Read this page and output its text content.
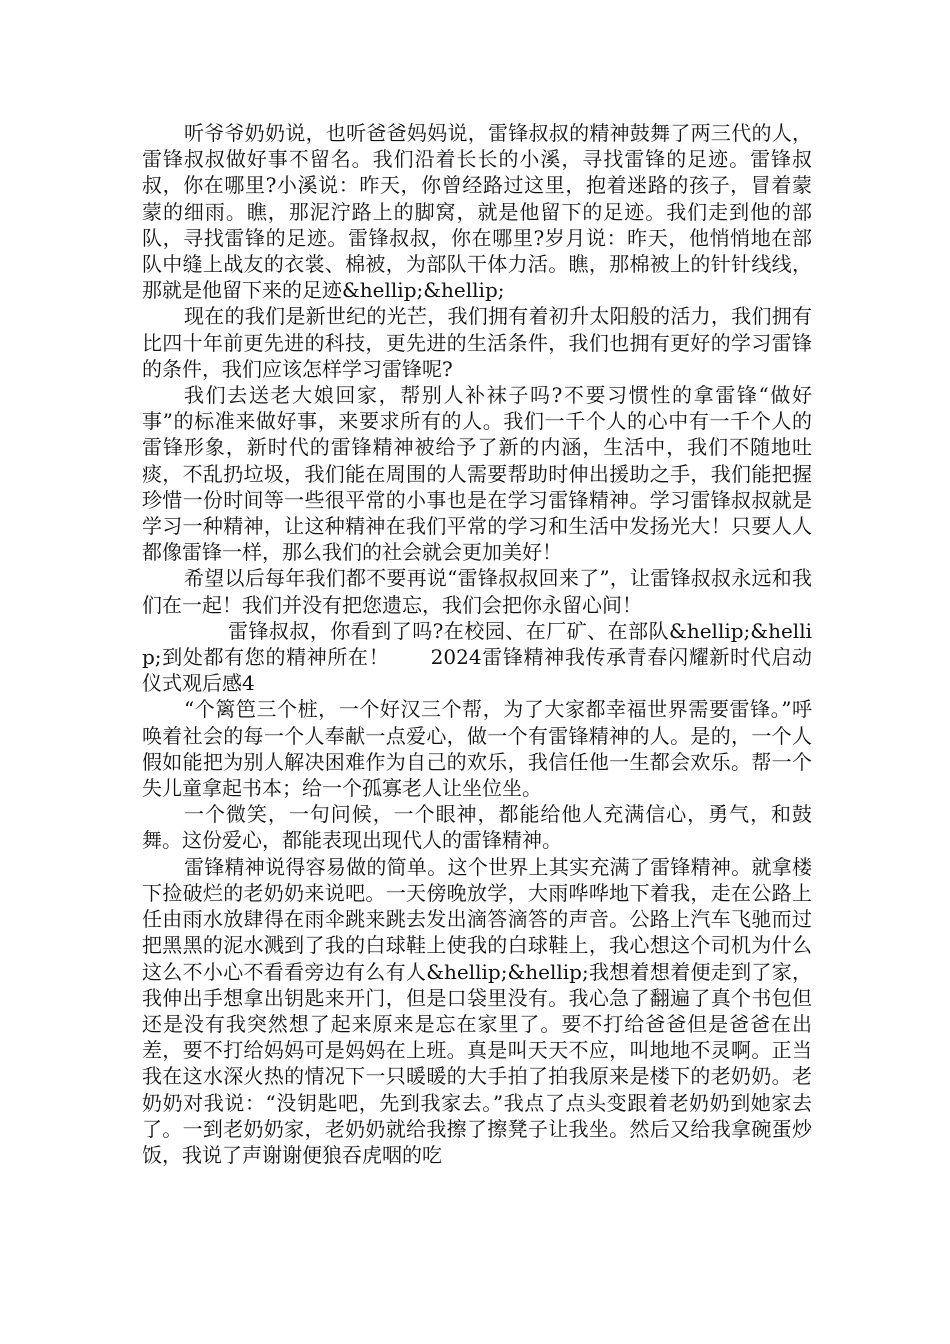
听爷爷奶奶说，也听爸爸妈妈说，雷锋叔叔的精神鼓舞了两三代的人，雷锋叔叔做好事不留名。我们沿着长长的小溪，寻找雷锋的足迹。雷锋叔叔，你在哪里?小溪说：昨天，你曾经路过这里，抱着迷路的孩子，冒着蒙蒙的细雨。瞧，那泥泞路上的脚窝，就是他留下的足迹。我们走到他的部队，寻找雷锋的足迹。雷锋叔叔，你在哪里?岁月说：昨天，他悄悄地在部队中缝上战友的衣裳、棉被，为部队干体力活。瞧，那棉被上的针针线线，那就是他留下来的足迹&hellip;&hellip;

现在的我们是新世纪的光芒，我们拥有着初升太阳般的活力，我们拥有比四十年前更先进的科技，更先进的生活条件，我们也拥有更好的学习雷锋的条件，我们应该怎样学习雷锋呢?

我们去送老大娘回家，帮别人补袜子吗?不要习惯性的拿雷锋“做好事”的标准来做好事，来要求所有的人。我们一千个人的心中有一千个人的雷锋形象，新时代的雷锋精神被给予了新的内涵，生活中，我们不随地吐痰，不乱扔垃圾，我们能在周围的人需要帮助时伸出援助之手，我们能把握珍惜一份时间等一些很平常的小事也是在学习雷锋精神。学习雷锋叔叔就是学习一种精神，让这种精神在我们平常的学习和生活中发扬光大！只要人人都像雷锋一样，那么我们的社会就会更加美好！

希望以后每年我们都不要再说“雷锋叔叔回来了”，让雷锋叔叔永远和我们在一起！我们并没有把您遗忘，我们会把你永留心间！

雷锋叔叔，你看到了吗?在校园、在厂矿、在部队&hellip;&hellip;到处都有您的精神所在！　　2024雷锋精神我传承青春闪耀新时代启动仪式观后感4

“个篱笆三个桩，一个好汉三个帮，为了大家都幸福世界需要雷锋。”呼唤着社会的每一个人奉献一点爱心，做一个有雷锋精神的人。是的，一个人假如能把为别人解决困难作为自己的欢乐，我信任他一生都会欢乐。帮一个失儿童拿起书本；给一个孤寡老人让坐位坐。

一个微笑，一句问候，一个眼神，都能给他人充满信心，勇气，和鼓舞。这份爱心，都能表现出现代人的雷锋精神。

雷锋精神说得容易做的简单。这个世界上其实充满了雷锋精神。就拿楼下捡破烂的老奶奶来说吧。一天傍晚放学，大雨哗哗地下着我，走在公路上任由雨水放肆得在雨伞跳来跳去发出滴答滴答的声音。公路上汽车飞驰而过把黑黑的泥水溅到了我的白球鞋上使我的白球鞋上，我心想这个司机为什么这么不小心不看看旁边有么有人&hellip;&hellip;我想着想着便走到了家，我伸出手想拿出钥匙来开门，但是口袋里没有。我心急了翻遍了真个书包但还是没有我突然想了起来原来是忘在家里了。要不打给爸爸但是爸爸在出差，要不打给妈妈可是妈妈在上班。真是叫天天不应，叫地地不灵啊。正当我在这水深火热的情况下一只暖暖的大手拍了拍我原来是楼下的老奶奶。老奶奶对我说：“没钥匙吧，先到我家去。”我点了点头变跟着老奶奶到她家去了。一到老奶奶家，老奶奶就给我擦了擦凳子让我坐。然后又给我拿碗蛋炒饭，我说了声谢谢便狼吞虎咽的吃
